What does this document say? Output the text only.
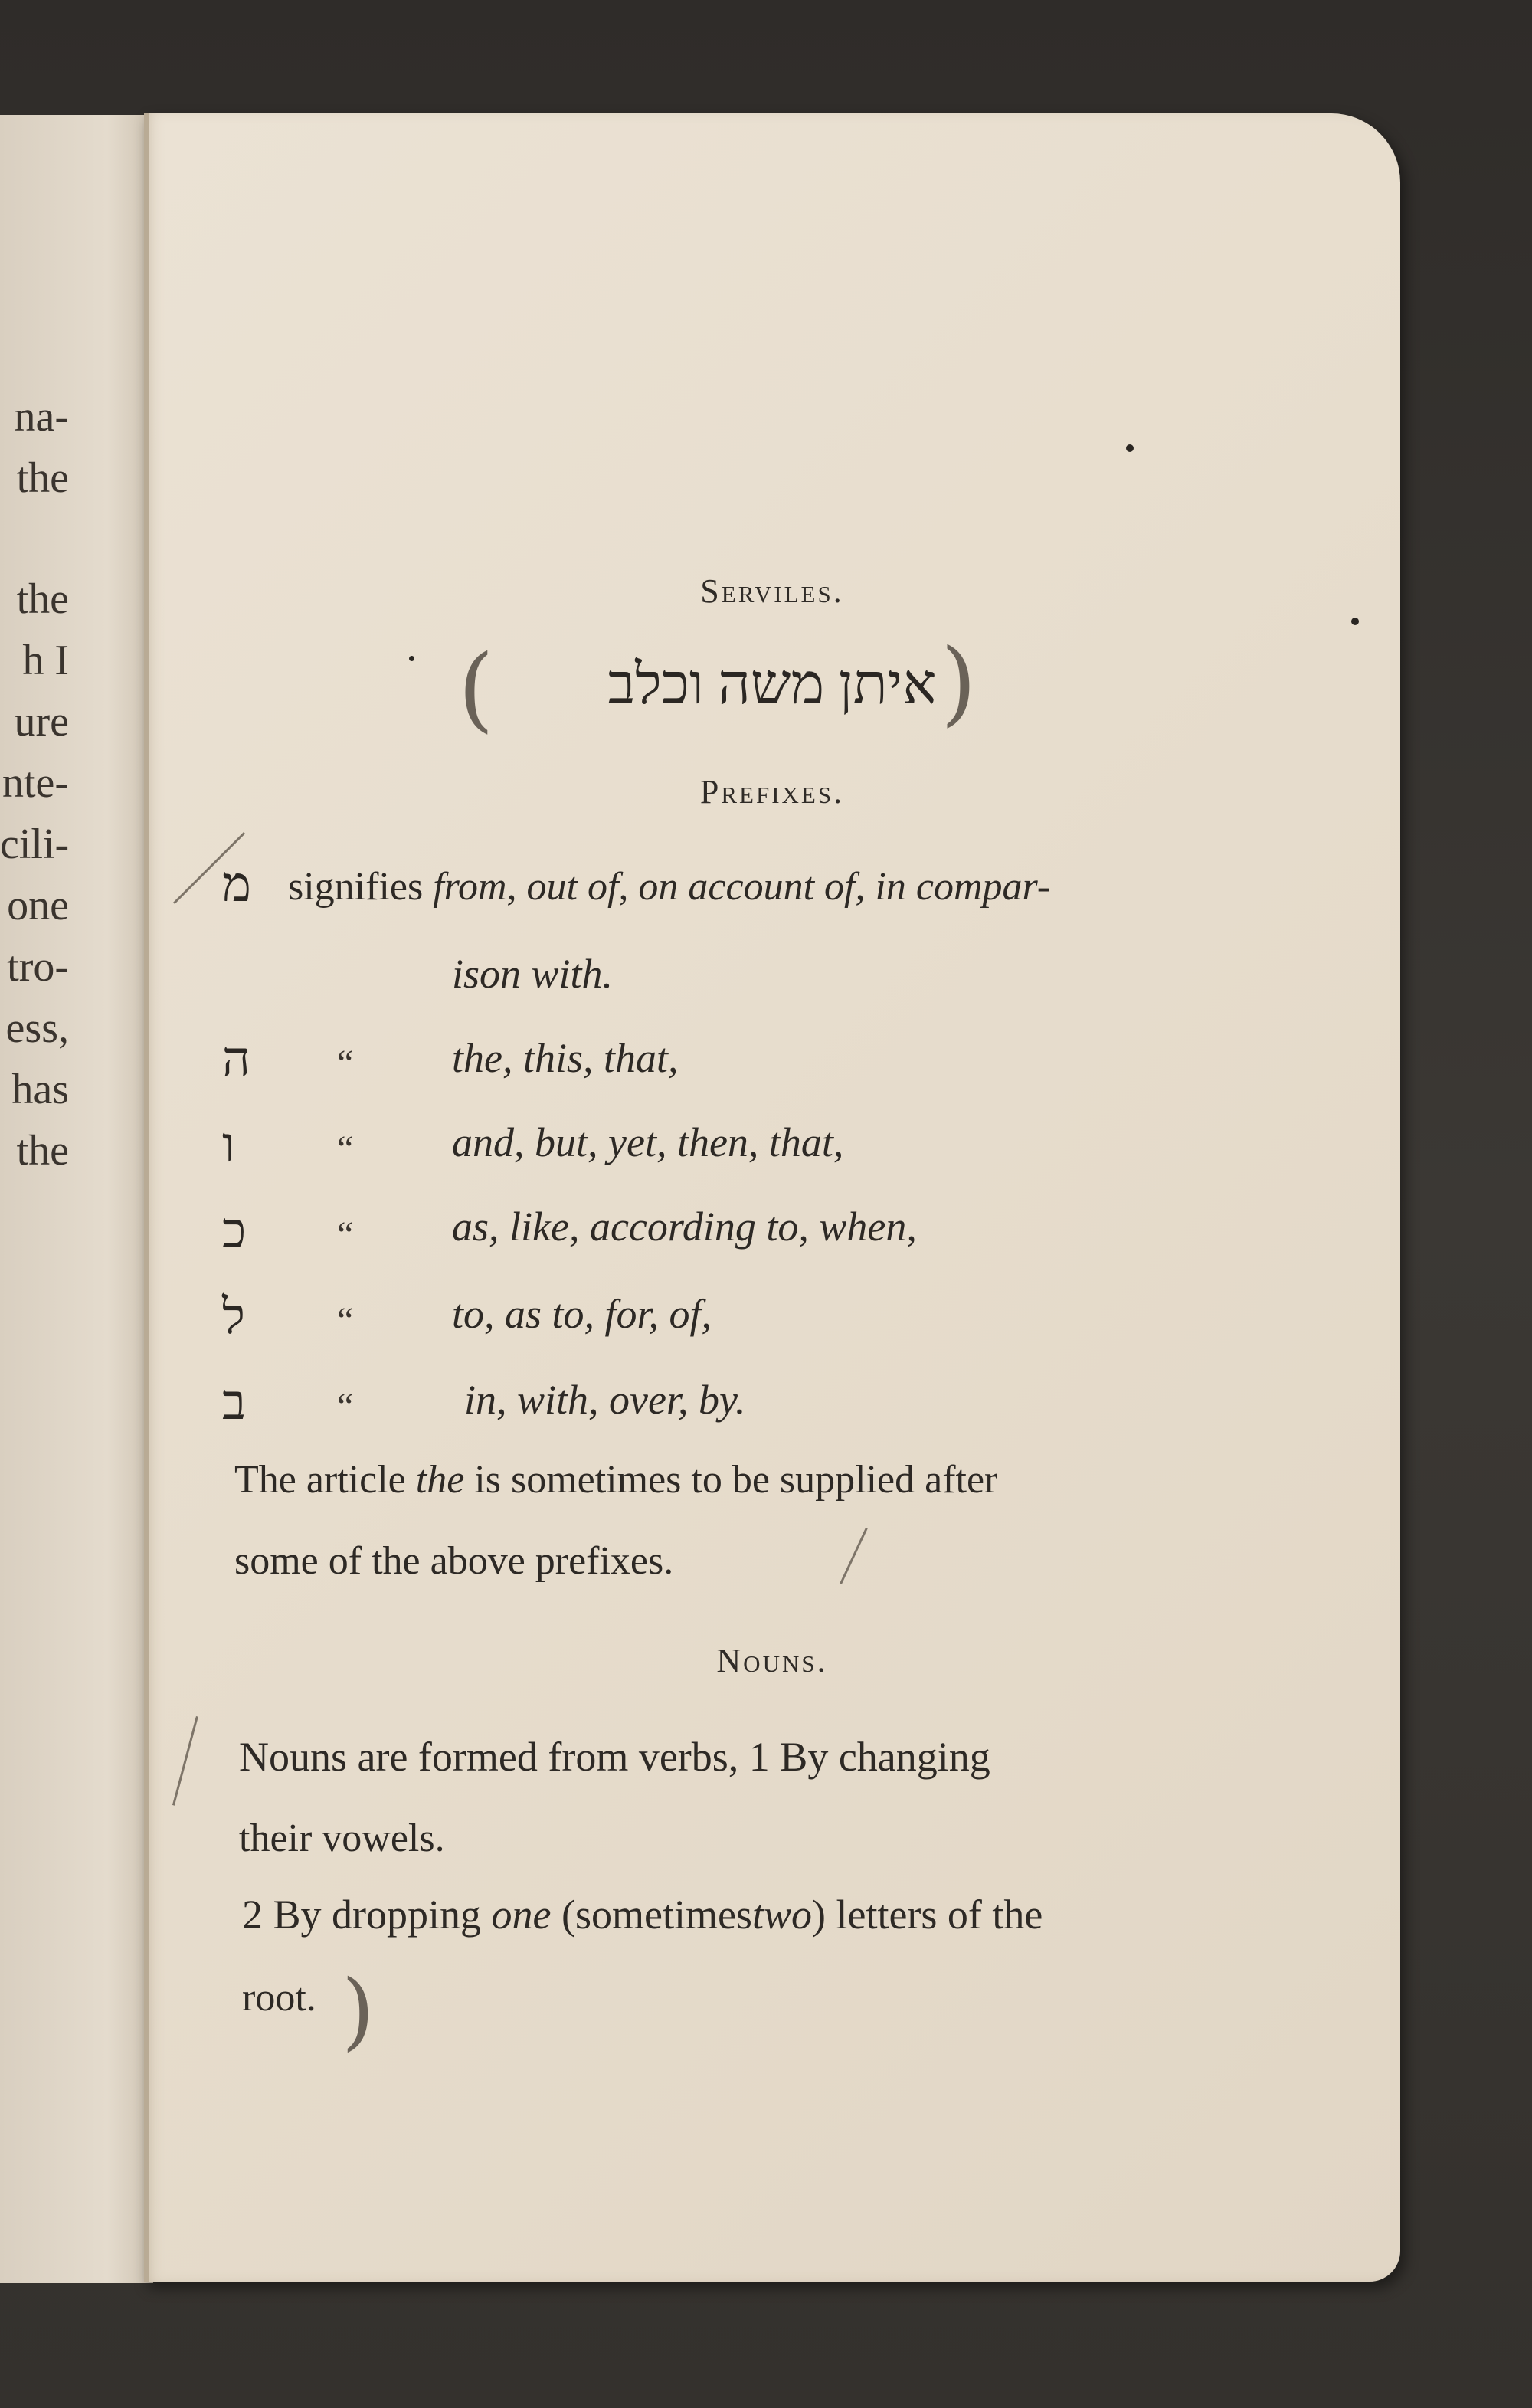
na-
the
the
h I
ure
nte-
cili-
one
tro-
ess,
has
the
Serviles.
(	)
איתן משה וכלב
Prefixes.
מ signifies from, out of, on account of, in compar-
ison with.
ה “ the, this, that,
ו	“ and, but, yet, then, that,
כ “ as, like, according to, when,
ל	“ to, as to, for, of,
ב “	in, with, over, by.
The article the is sometimes to be supplied after
some of the above prefixes.
Nouns.
Nouns are formed from verbs, 1 By changing
their vowels.
2 By dropping one (sometimestwo) letters of the
root. )
